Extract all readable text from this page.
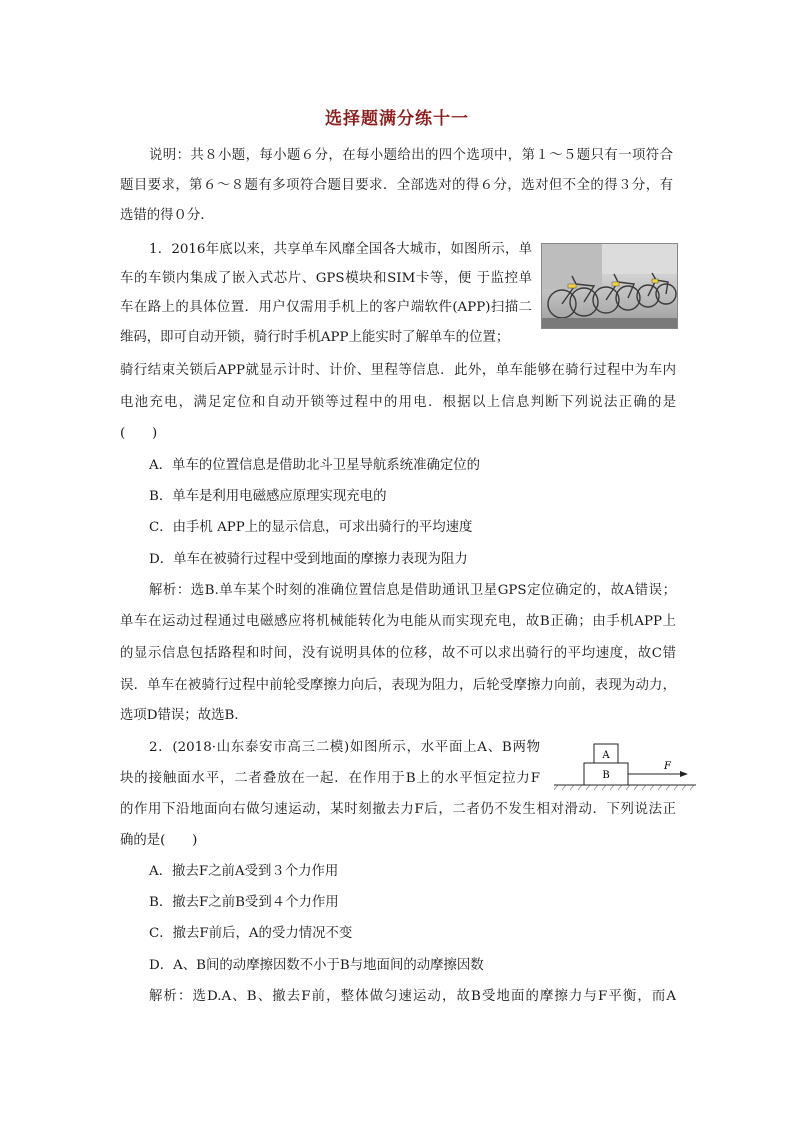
选择题满分练十一
说明：共８小题，每小题６分，在每小题给出的四个选项中，第１～５题只有一项符合
题目要求，第６～８题有多项符合题目要求．全部选对的得６分，选对但不全的得３分，有
选错的得０分．
1．2016年底以来，共享单车风靡全国各大城市，如图所示，单
车的车锁内集成了嵌入式芯片、GPS模块和SIM卡等，便 于监控单
车在路上的具体位置．用户仅需用手机上的客户端软件(APP)扫描二
维码，即可自动开锁，骑行时手机APP上能实时了解单车的位置；
骑行结束关锁后APP就显示计时、计价、里程等信息．此外，单车能够在骑行过程中为车内
电池充电，满足定位和自动开锁等过程中的用电．根据以上信息判断下列说法正确的是
(　　)
A．单车的位置信息是借助北斗卫星导航系统准确定位的
B．单车是利用电磁感应原理实现充电的
C．由手机 APP上的显示信息，可求出骑行的平均速度
D．单车在被骑行过程中受到地面的摩擦力表现为阻力
解析：选B.单车某个时刻的准确位置信息是借助通讯卫星GPS定位确定的，故A错误；
单车在运动过程通过电磁感应将机械能转化为电能从而实现充电，故B正确；由手机APP上
的显示信息包括路程和时间，没有说明具体的位移，故不可以求出骑行的平均速度，故C错
误．单车在被骑行过程中前轮受摩擦力向后，表现为阻力，后轮受摩擦力向前，表现为动力，
选项D错误；故选B.
2．(2018·山东泰安市高三二模)如图所示，水平面上A、B两物
块的接触面水平，二者叠放在一起．在作用于B上的水平恒定拉力F
的作用下沿地面向右做匀速运动，某时刻撤去力F后，二者仍不发生相对滑动．下列说法正
确的是(　　)
A
B
F
A．撤去F之前A受到３个力作用
B．撤去F之前B受到４个力作用
C．撤去F前后，A的受力情况不变
D．A、B间的动摩擦因数不小于B与地面间的动摩擦因数
解析：选D.A、B、撤去F前，整体做匀速运动，故B受地面的摩擦力与F平衡，而A
